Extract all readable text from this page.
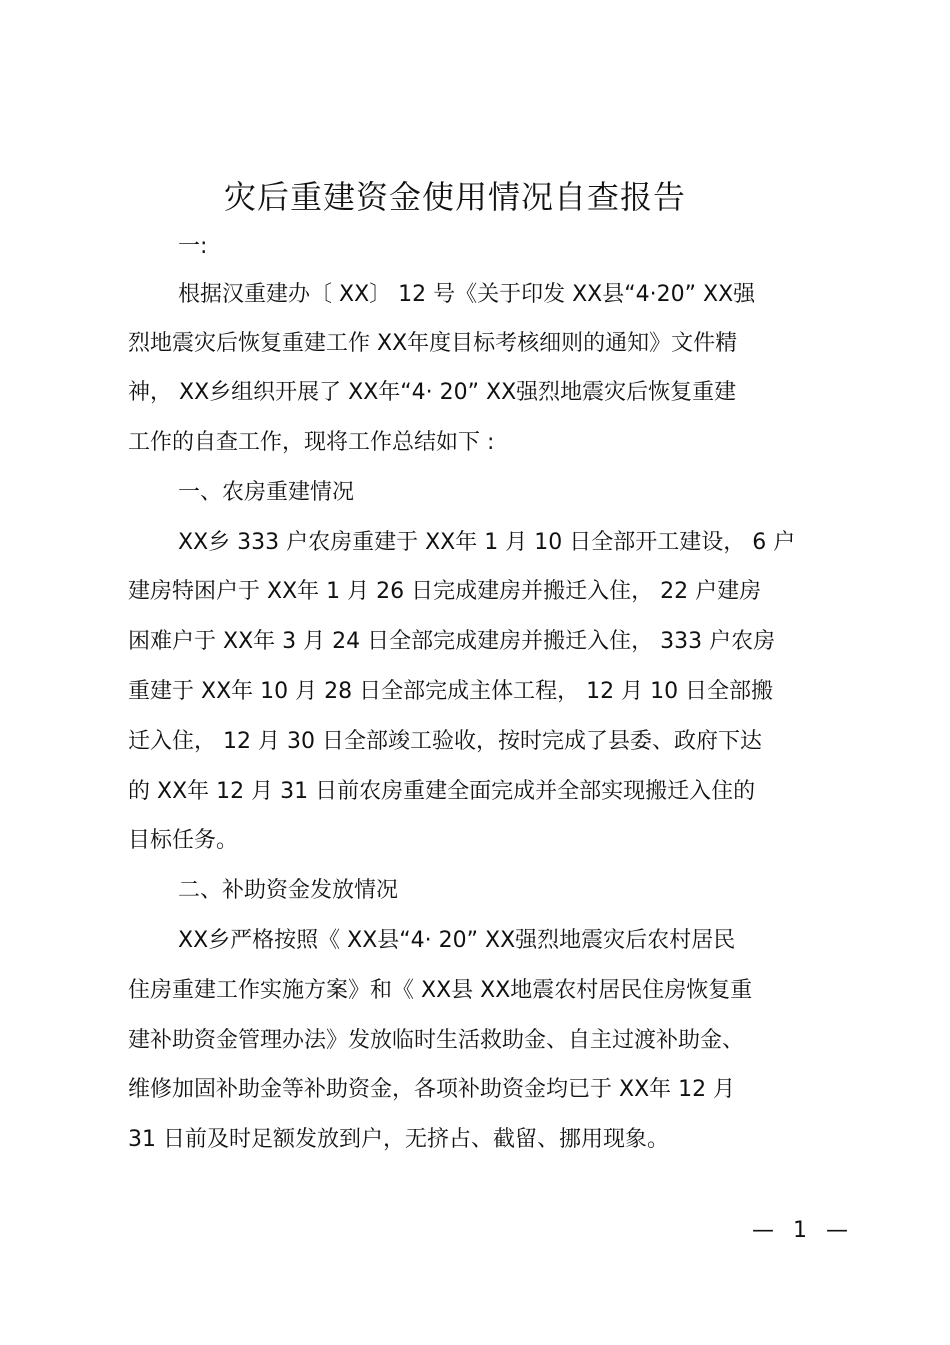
灾后重建资金使用情况自查报告
一:
根据汉重建办〔 XX〕 12 号《关于印发 XX县“4·20” XX强
烈地震灾后恢复重建工作 XX年度目标考核细则的通知》文件精
神， XX乡组织开展了 XX年“4· 20” XX强烈地震灾后恢复重建
工作的自查工作，现将工作总结如下 :
一、农房重建情况
XX乡 333 户农房重建于 XX年 1 月 10 日全部开工建设， 6 户
建房特困户于 XX年 1 月 26 日完成建房并搬迁入住， 22 户建房
困难户于 XX年 3 月 24 日全部完成建房并搬迁入住， 333 户农房
重建于 XX年 10 月 28 日全部完成主体工程， 12 月 10 日全部搬
迁入住， 12 月 30 日全部竣工验收，按时完成了县委、政府下达
的 XX年 12 月 31 日前农房重建全面完成并全部实现搬迁入住的
目标任务。
二、补助资金发放情况
XX乡严格按照《 XX县“4· 20” XX强烈地震灾后农村居民
住房重建工作实施方案》和《 XX县 XX地震农村居民住房恢复重
建补助资金管理办法》发放临时生活救助金、自主过渡补助金、
维修加固补助金等补助资金，各项补助资金均已于 XX年 12 月
31 日前及时足额发放到户，无挤占、截留、挪用现象。
— 1 —
